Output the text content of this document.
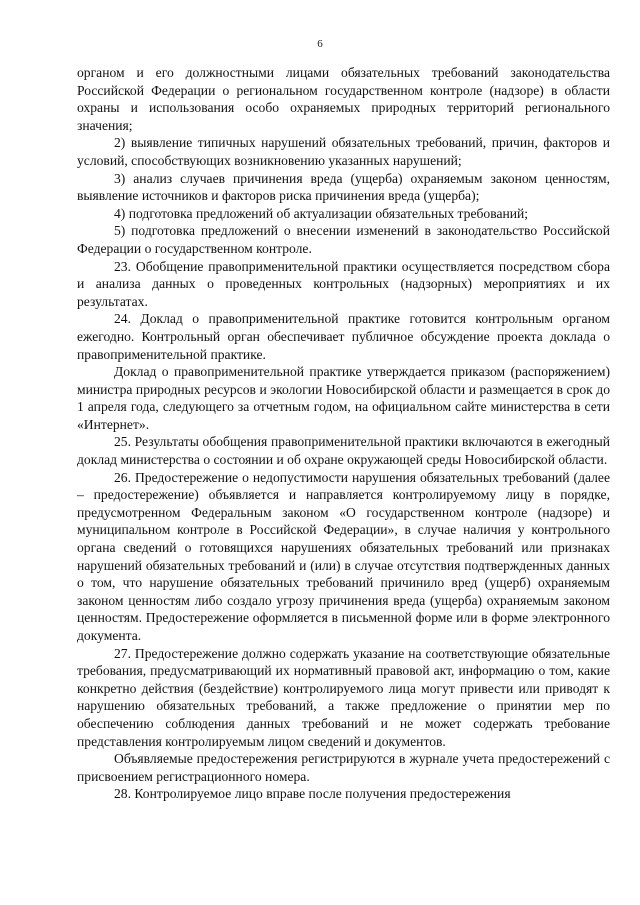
6

органом и его должностными лицами обязательных требований законодательства Российской Федерации о региональном государственном контроле (надзоре) в области охраны и использования особо охраняемых природных территорий регионального значения;

2) выявление типичных нарушений обязательных требований, причин, факторов и условий, способствующих возникновению указанных нарушений;

3) анализ случаев причинения вреда (ущерба) охраняемым законом ценностям, выявление источников и факторов риска причинения вреда (ущерба);

4) подготовка предложений об актуализации обязательных требований;

5) подготовка предложений о внесении изменений в законодательство Российской Федерации о государственном контроле.

23. Обобщение правоприменительной практики осуществляется посредством сбора и анализа данных о проведенных контрольных (надзорных) мероприятиях и их результатах.

24. Доклад о правоприменительной практике готовится контрольным органом ежегодно. Контрольный орган обеспечивает публичное обсуждение проекта доклада о правоприменительной практике.

Доклад о правоприменительной практике утверждается приказом (распоряжением) министра природных ресурсов и экологии Новосибирской области и размещается в срок до 1 апреля года, следующего за отчетным годом, на официальном сайте министерства в сети «Интернет».

25. Результаты обобщения правоприменительной практики включаются в ежегодный доклад министерства о состоянии и об охране окружающей среды Новосибирской области.

26. Предостережение о недопустимости нарушения обязательных требований (далее – предостережение) объявляется и направляется контролируемому лицу в порядке, предусмотренном Федеральным законом «О государственном контроле (надзоре) и муниципальном контроле в Российской Федерации», в случае наличия у контрольного органа сведений о готовящихся нарушениях обязательных требований или признаках нарушений обязательных требований и (или) в случае отсутствия подтвержденных данных о том, что нарушение обязательных требований причинило вред (ущерб) охраняемым законом ценностям либо создало угрозу причинения вреда (ущерба) охраняемым законом ценностям. Предостережение оформляется в письменной форме или в форме электронного документа.

27. Предостережение должно содержать указание на соответствующие обязательные требования, предусматривающий их нормативный правовой акт, информацию о том, какие конкретно действия (бездействие) контролируемого лица могут привести или приводят к нарушению обязательных требований, а также предложение о принятии мер по обеспечению соблюдения данных требований и не может содержать требование представления контролируемым лицом сведений и документов.

Объявляемые предостережения регистрируются в журнале учета предостережений с присвоением регистрационного номера.

28. Контролируемое лицо вправе после получения предостережения
